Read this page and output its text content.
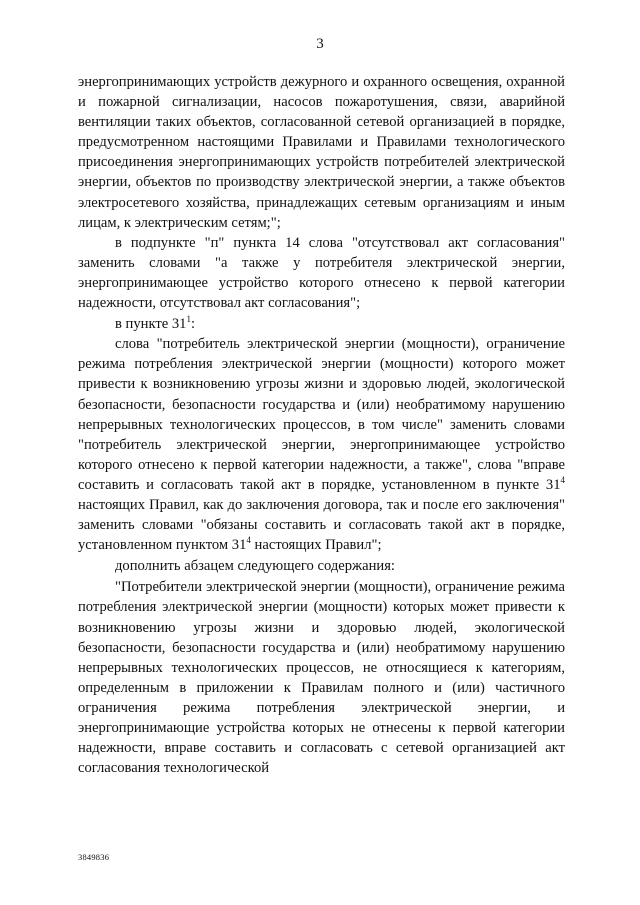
3

энергопринимающих устройств дежурного и охранного освещения, охранной и пожарной сигнализации, насосов пожаротушения, связи, аварийной вентиляции таких объектов, согласованной сетевой организацией в порядке, предусмотренном настоящими Правилами и Правилами технологического присоединения энергопринимающих устройств потребителей электрической энергии, объектов по производству электрической энергии, а также объектов электросетевого хозяйства, принадлежащих сетевым организациям и иным лицам, к электрическим сетям;";

в подпункте "п" пункта 14 слова "отсутствовал акт согласования" заменить словами "а также у потребителя электрической энергии, энергопринимающее устройство которого отнесено к первой категории надежности, отсутствовал акт согласования";

в пункте $31^1$:

слова "потребитель электрической энергии (мощности), ограничение режима потребления электрической энергии (мощности) которого может привести к возникновению угрозы жизни и здоровью людей, экологической безопасности, безопасности государства и (или) необратимому нарушению непрерывных технологических процессов, в том числе" заменить словами "потребитель электрической энергии, энергопринимающее устройство которого отнесено к первой категории надежности, а также", слова "вправе составить и согласовать такой акт в порядке, установленном в пункте $31^4$ настоящих Правил, как до заключения договора, так и после его заключения" заменить словами "обязаны составить и согласовать такой акт в порядке, установленном пунктом $31^4$ настоящих Правил";

дополнить абзацем следующего содержания:

"Потребители электрической энергии (мощности), ограничение режима потребления электрической энергии (мощности) которых может привести к возникновению угрозы жизни и здоровью людей, экологической безопасности, безопасности государства и (или) необратимому нарушению непрерывных технологических процессов, не относящиеся к категориям, определенным в приложении к Правилам полного и (или) частичного ограничения режима потребления электрической энергии, и энергопринимающие устройства которых не отнесены к первой категории надежности, вправе составить и согласовать с сетевой организацией акт согласования технологической

3849836
